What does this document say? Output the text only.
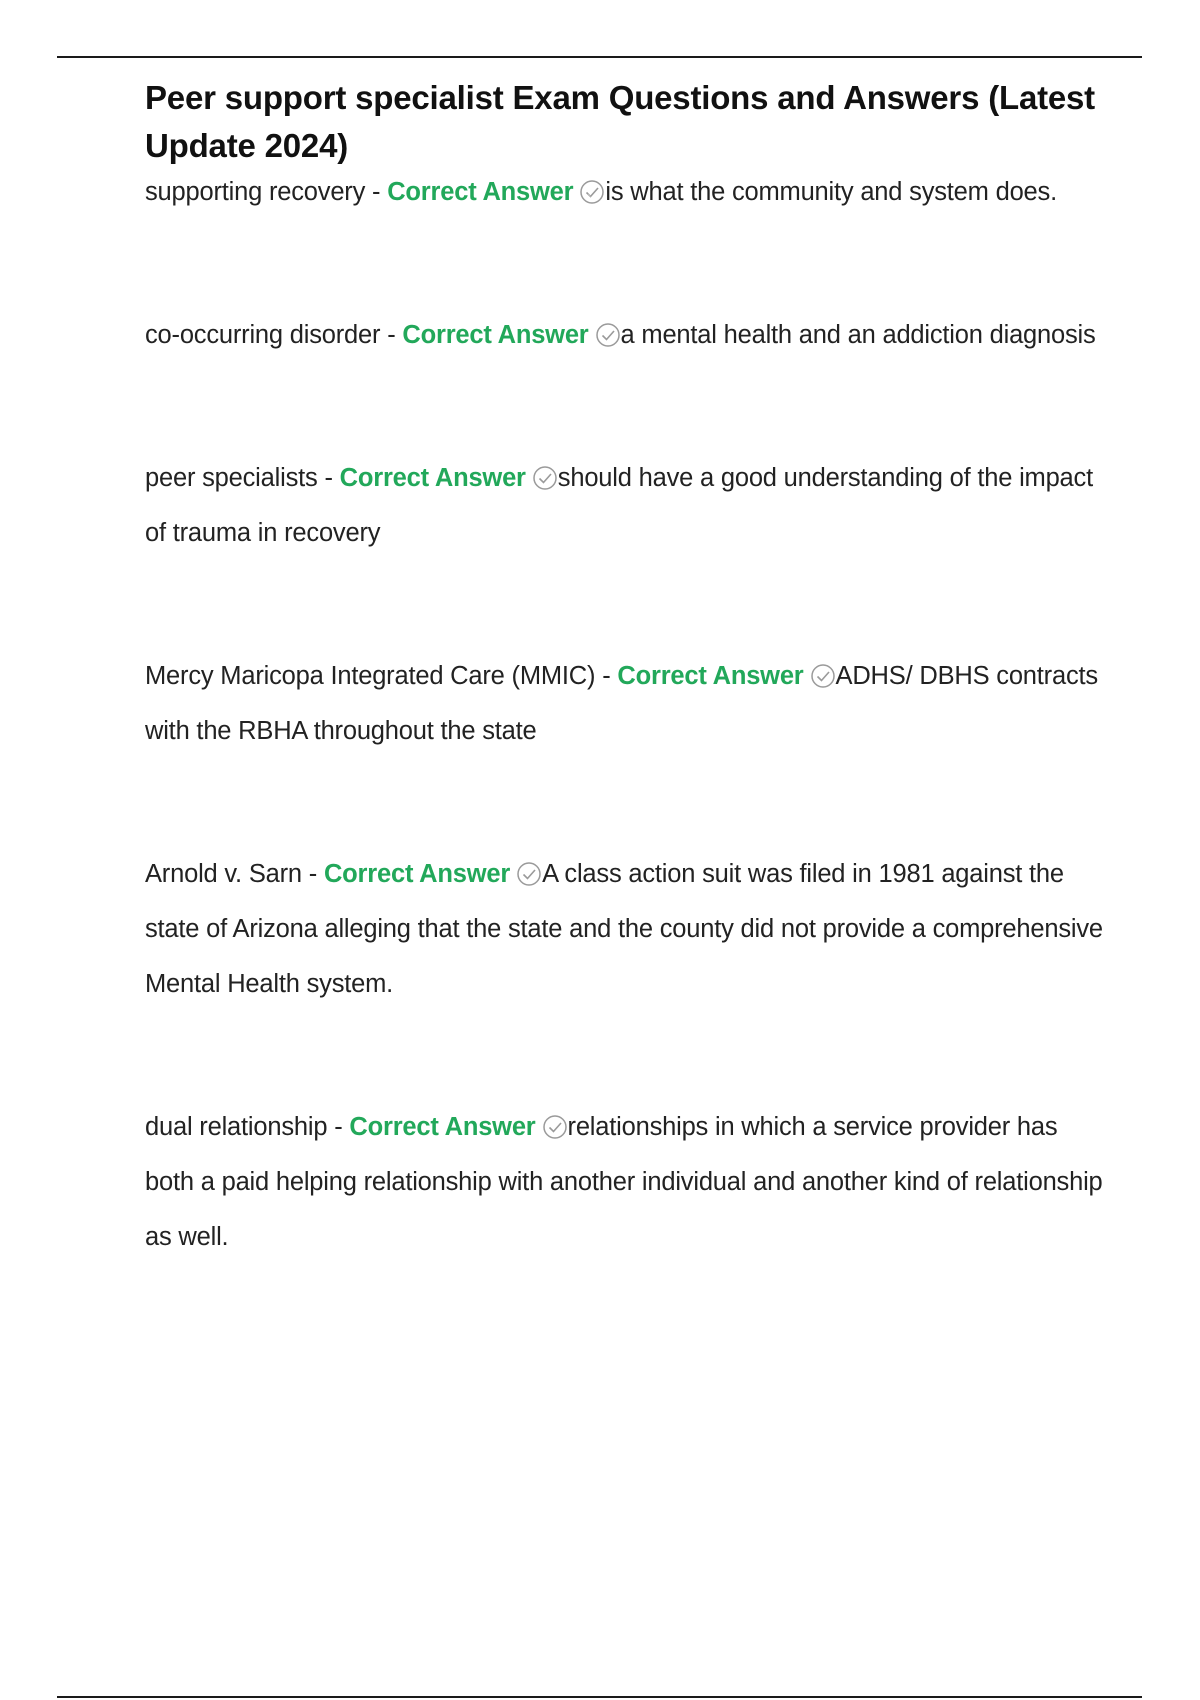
Peer support specialist Exam Questions and Answers (Latest Update 2024)
supporting recovery - Correct Answer is what the community and system does.
co-occurring disorder - Correct Answer a mental health and an addiction diagnosis
peer specialists - Correct Answer should have a good understanding of the impact of trauma in recovery
Mercy Maricopa Integrated Care (MMIC) - Correct Answer ADHS/ DBHS contracts with the RBHA throughout the state
Arnold v. Sarn - Correct Answer A class action suit was filed in 1981 against the state of Arizona alleging that the state and the county did not provide a comprehensive Mental Health system.
dual relationship - Correct Answer relationships in which a service provider has both a paid helping relationship with another individual and another kind of relationship as well.
